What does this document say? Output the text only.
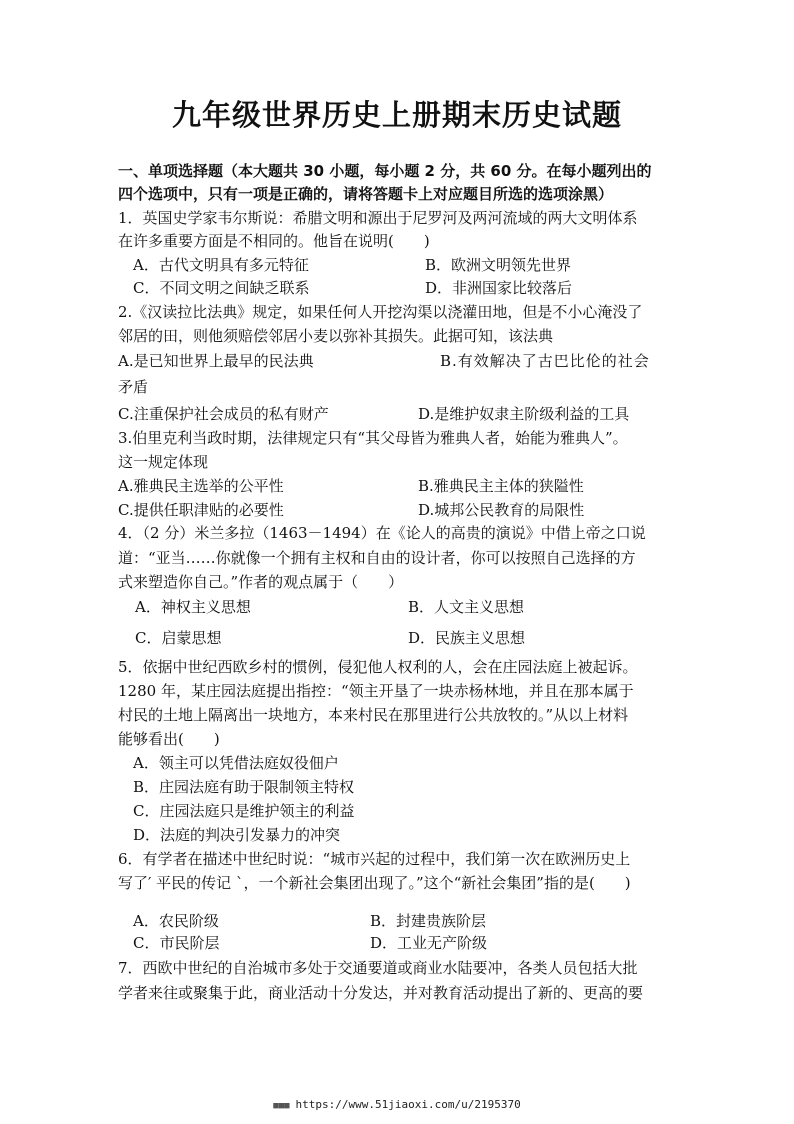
九年级世界历史上册期末历史试题
一、单项选择题（本大题共 30 小题，每小题 2 分，共 60 分。在每小题列出的
四个选项中，只有一项是正确的，请将答题卡上对应题目所选的选项涂黑）
1．英国史学家韦尔斯说：希腊文明和源出于尼罗河及两河流域的两大文明体系
在许多重要方面是不相同的。他旨在说明(　　)
A．古代文明具有多元特征	B．欧洲文明领先世界
C．不同文明之间缺乏联系	D．非洲国家比较落后
2.《汉读拉比法典》规定，如果任何人开挖沟渠以浇灌田地，但是不小心淹没了
邻居的田，则他须赔偿邻居小麦以弥补其损失。此据可知，该法典
A.是已知世界上最早的民法典	B.有效解决了古巴比伦的社会
矛盾
C.注重保护社会成员的私有财产	D.是维护奴隶主阶级利益的工具
3.伯里克利当政时期，法律规定只有“其父母皆为雅典人者，始能为雅典人”。
这一规定体现
A.雅典民主选举的公平性	B.雅典民主主体的狭隘性
C.提供任职津贴的必要性	D.城邦公民教育的局限性
4．（2 分）米兰多拉（1463－1494）在《论人的高贵的演说》中借上帝之口说
道：“亚当……你就像一个拥有主权和自由的设计者，你可以按照自己选择的方
式来塑造你自己。”作者的观点属于（　　）
A．神权主义思想	B．人文主义思想
C．启蒙思想	D．民族主义思想
5．依据中世纪西欧乡村的惯例，侵犯他人权利的人，会在庄园法庭上被起诉。
1280 年，某庄园法庭提出指控：“领主开垦了一块赤杨林地，并且在那本属于
村民的土地上隔离出一块地方，本来村民在那里进行公共放牧的。”从以上材料
能够看出(　　)
A．领主可以凭借法庭奴役佃户
B．庄园法庭有助于限制领主特权
C．庄园法庭只是维护领主的利益
D．法庭的判决引发暴力的冲突
6．有学者在描述中世纪时说：“城市兴起的过程中，我们第一次在欧洲历史上
写了′ 平民的传记 ˋ，一个新社会集团出现了。”这个“新社会集团”指的是(　　)
A．农民阶级	B．封建贵族阶层
C．市民阶层	D．工业无产阶级
7．西欧中世纪的自治城市多处于交通要道或商业水陆要冲，各类人员包括大批
学者来往或聚集于此，商业活动十分发达，并对教育活动提出了新的、更高的要
■■■ https://www.51jiaoxi.com/u/2195370
